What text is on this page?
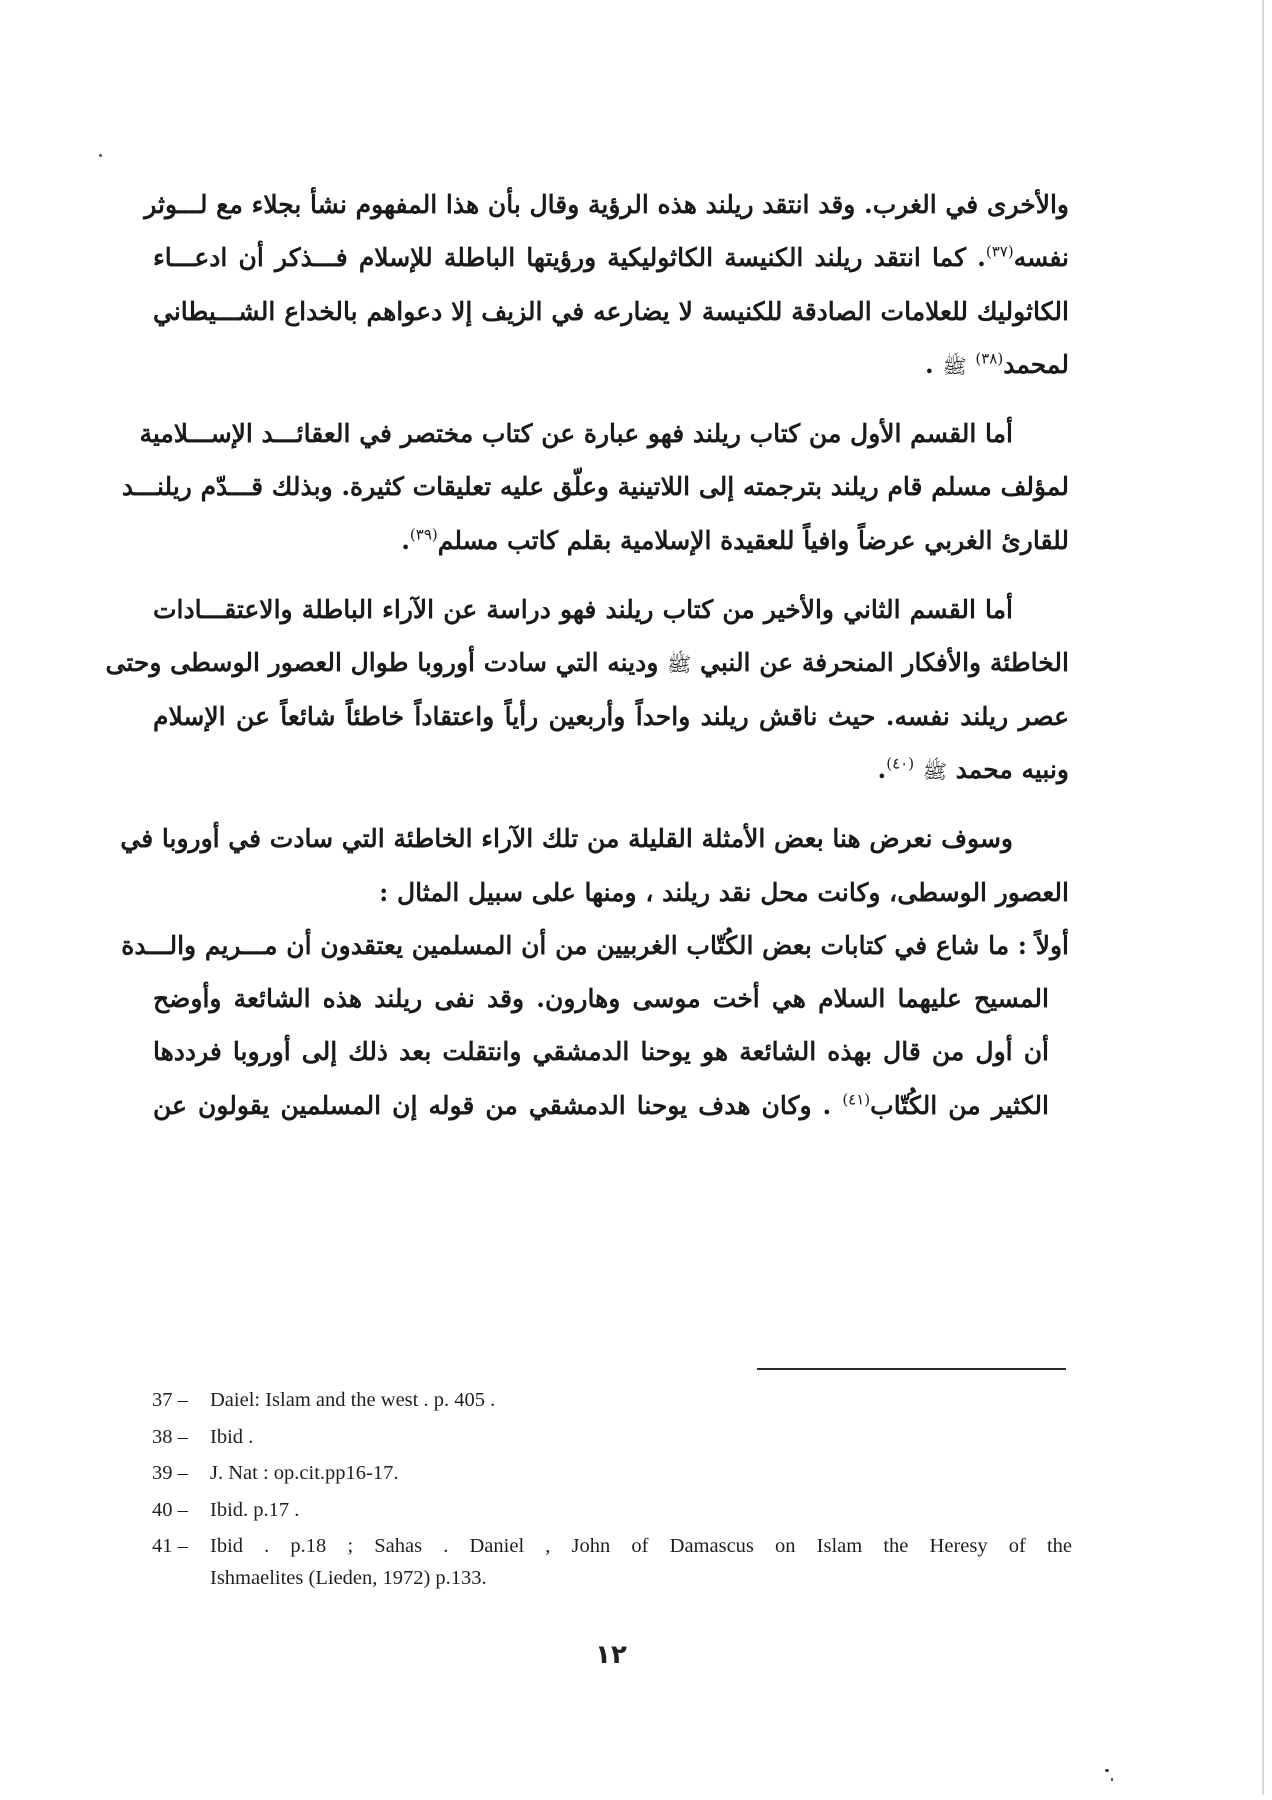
والأخرى في الغرب. وقد انتقد ريلند هذه الرؤية وقال بأن هذا المفهوم نشأ بجلاء مع لـــوثر
نفسه$^{(٣٧)}$. كما انتقد ريلند الكنيسة الكاثوليكية ورؤيتها الباطلة للإسلام فـــذكر أن ادعـــاء
الكاثوليك للعلامات الصادقة للكنيسة لا يضارعه في الزيف إلا دعواهم بالخداع الشـــيطاني
لمحمد$^{(٣٨)}$ ﷺ .
أما القسم الأول من كتاب ريلند فهو عبارة عن كتاب مختصر في العقائـــد الإســـلامية
لمؤلف مسلم قام ريلند بترجمته إلى اللاتينية وعلّق عليه تعليقات كثيرة. وبذلك قـــدّم ريلنـــد
للقارئ الغربي عرضاً وافياً للعقيدة الإسلامية بقلم كاتب مسلم$^{(٣٩)}$.
أما القسم الثاني والأخير من كتاب ريلند فهو دراسة عن الآراء الباطلة والاعتقـــادات
الخاطئة والأفكار المنحرفة عن النبي ﷺ ودينه التي سادت أوروبا طوال العصور الوسطى وحتى
عصر ريلند نفسه. حيث ناقش ريلند واحداً وأربعين رأياً واعتقاداً خاطئاً شائعاً عن الإسلام
ونبيه محمد ﷺ $^{(٤٠)}$.
وسوف نعرض هنا بعض الأمثلة القليلة من تلك الآراء الخاطئة التي سادت في أوروبا في
العصور الوسطى، وكانت محل نقد ريلند ، ومنها على سبيل المثال :
أولاً : ما شاع في كتابات بعض الكُتّاب الغربيين من أن المسلمين يعتقدون أن مـــريم والـــدة
المسيح عليهما السلام هي أخت موسى وهارون. وقد نفى ريلند هذه الشائعة وأوضح
أن أول من قال بهذه الشائعة هو يوحنا الدمشقي وانتقلت بعد ذلك إلى أوروبا فرددها
الكثير من الكُتّاب$^{(٤١)}$ . وكان هدف يوحنا الدمشقي من قوله إن المسلمين يقولون عن
37 –	Daiel: Islam and the west . p. 405 .
38 –	Ibid .
39 –	J. Nat : op.cit.pp16-17.
40 –	Ibid. p.17 .
41 –	Ibid . p.18 ; Sahas . Daniel , John of Damascus on Islam the Heresy of the
Ishmaelites (Lieden, 1972) p.133.
١٢
